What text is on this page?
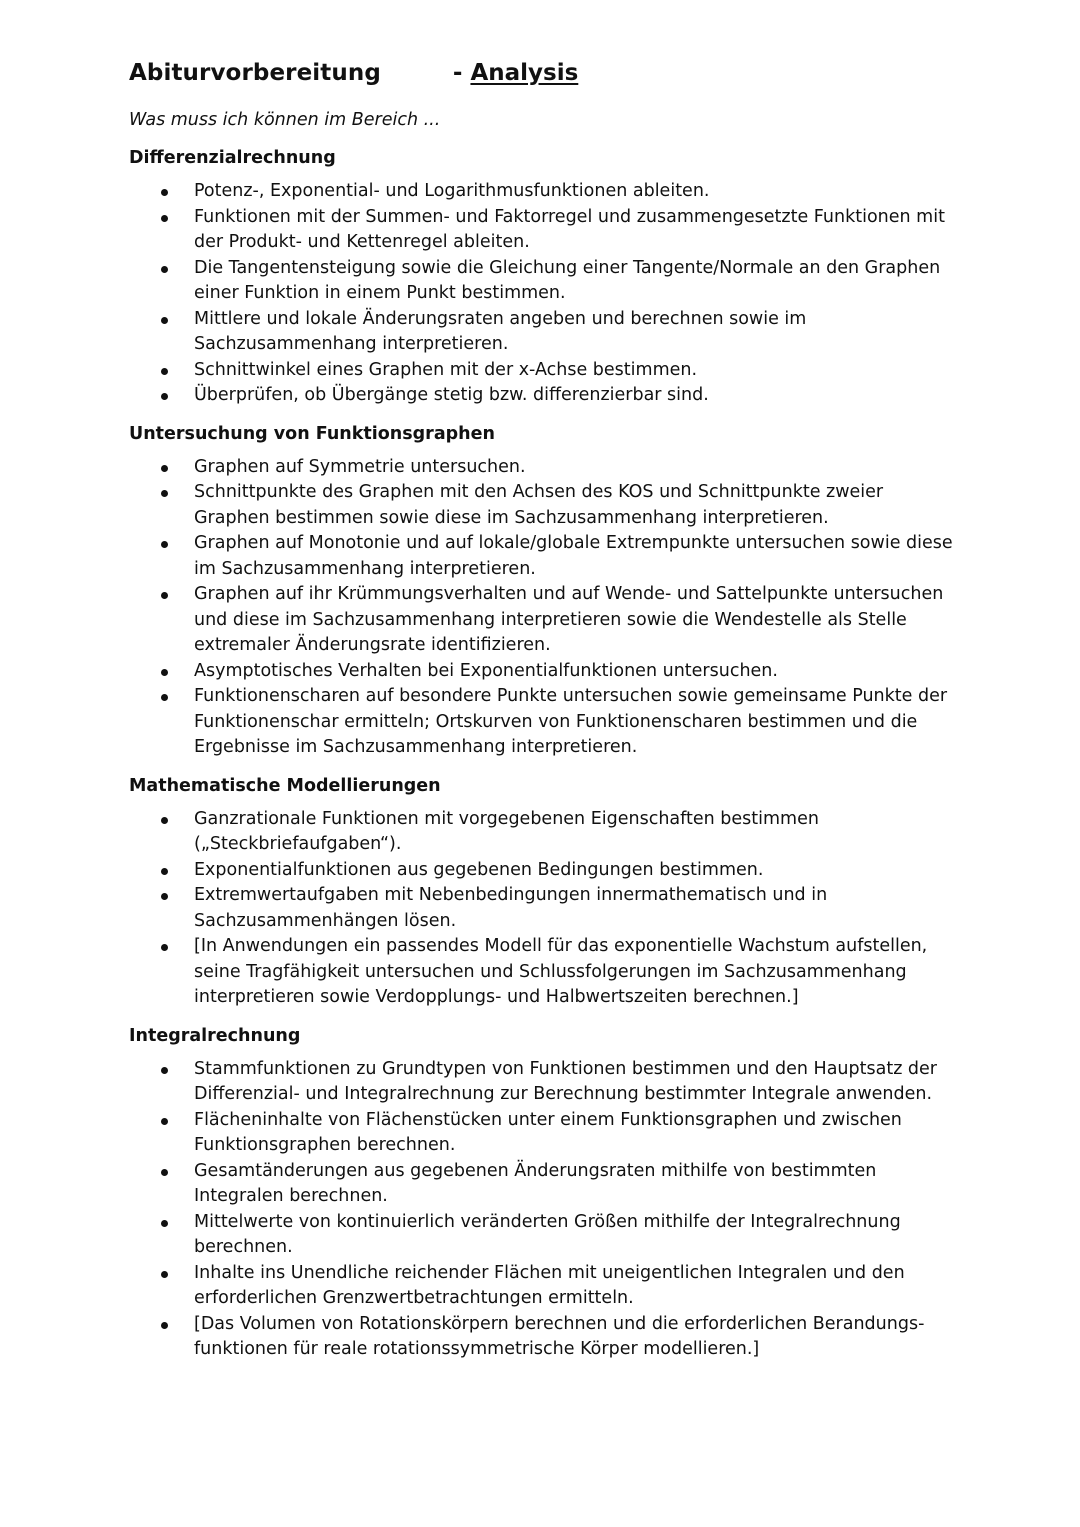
Abiturvorbereitung	- Analysis
Was muss ich können im Bereich ...
Differenzialrechnung
Potenz-, Exponential- und Logarithmusfunktionen ableiten.
Funktionen mit der Summen- und Faktorregel und zusammengesetzte Funktionen mit der Produkt- und Kettenregel ableiten.
Die Tangentensteigung sowie die Gleichung einer Tangente/Normale an den Graphen einer Funktion in einem Punkt bestimmen.
Mittlere und lokale Änderungsraten angeben und berechnen sowie im Sachzusammenhang interpretieren.
Schnittwinkel eines Graphen mit der x-Achse bestimmen.
Überprüfen, ob Übergänge stetig bzw. differenzierbar sind.
Untersuchung von Funktionsgraphen
Graphen auf Symmetrie untersuchen.
Schnittpunkte des Graphen mit den Achsen des KOS und Schnittpunkte zweier Graphen bestimmen sowie diese im Sachzusammenhang interpretieren.
Graphen auf Monotonie und auf lokale/globale Extrempunkte untersuchen sowie diese im Sachzusammenhang interpretieren.
Graphen auf ihr Krümmungsverhalten und auf Wende- und Sattelpunkte untersuchen und diese im Sachzusammenhang interpretieren sowie die Wendestelle als Stelle extremaler Änderungsrate identifizieren.
Asymptotisches Verhalten bei Exponentialfunktionen untersuchen.
Funktionenscharen auf besondere Punkte untersuchen sowie gemeinsame Punkte der Funktionenschar ermitteln; Ortskurven von Funktionenscharen bestimmen und die Ergebnisse im Sachzusammenhang interpretieren.
Mathematische Modellierungen
Ganzrationale Funktionen mit vorgegebenen Eigenschaften bestimmen („Steckbriefaufgaben“).
Exponentialfunktionen aus gegebenen Bedingungen bestimmen.
Extremwertaufgaben mit Nebenbedingungen innermathematisch und in Sachzusammenhängen lösen.
[In Anwendungen ein passendes Modell für das exponentielle Wachstum aufstellen, seine Tragfähigkeit untersuchen und Schlussfolgerungen im Sachzusammenhang interpretieren sowie Verdopplungs- und Halbwertszeiten berechnen.]
Integralrechnung
Stammfunktionen zu Grundtypen von Funktionen bestimmen und den Hauptsatz der Differenzial- und Integralrechnung zur Berechnung bestimmter Integrale anwenden.
Flächeninhalte von Flächenstücken unter einem Funktionsgraphen und zwischen Funktionsgraphen berechnen.
Gesamtänderungen aus gegebenen Änderungsraten mithilfe von bestimmten Integralen berechnen.
Mittelwerte von kontinuierlich veränderten Größen mithilfe der Integralrechnung berechnen.
Inhalte ins Unendliche reichender Flächen mit uneigentlichen Integralen und den erforderlichen Grenzwertbetrachtungen ermitteln.
[Das Volumen von Rotationskörpern berechnen und die erforderlichen Berandungs-funktionen für reale rotationssymmetrische Körper modellieren.]
